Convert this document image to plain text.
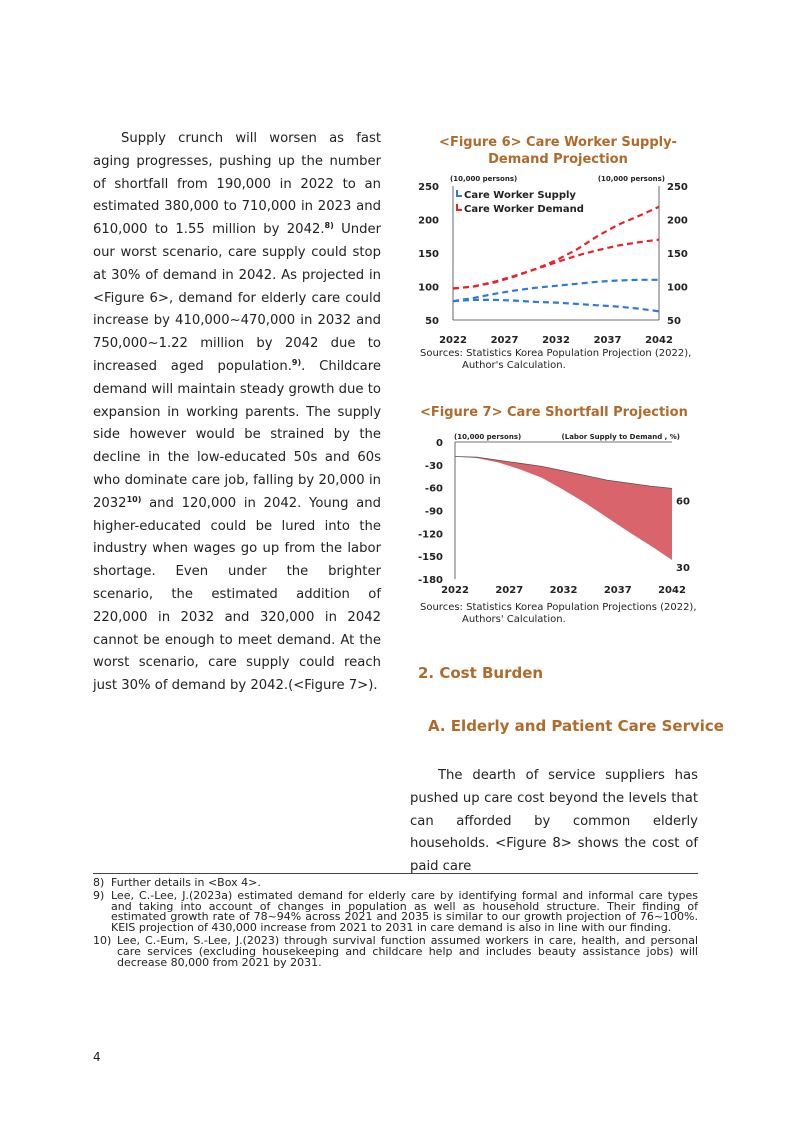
Supply crunch will worsen as fast aging progresses, pushing up the number of shortfall from 190,000 in 2022 to an estimated 380,000 to 710,000 in 2023 and 610,000 to 1.55 million by 2042.$^{8)}$ Under our worst scenario, care supply could stop at 30% of demand in 2042. As projected in <Figure 6>, demand for elderly care could increase by 410,000~470,000 in 2032 and 750,000~1.22 million by 2042 due to increased aged population.$^{9)}$. Childcare demand will maintain steady growth due to expansion in working parents. The supply side however would be strained by the decline in the low-educated 50s and 60s who dominate care job, falling by 20,000 in 2032$^{10)}$ and 120,000 in 2042. Young and higher-educated could be lured into the industry when wages go up from the labor shortage. Even under the brighter scenario, the estimated addition of 220,000 in 2032 and 320,000 in 2042 cannot be enough to meet demand. At the worst scenario, care supply could reach just 30% of demand by 2042.(<Figure 7>).

<Figure 6> Care Worker Supply-Demand Projection
50	50
100	100
150	150
200	200
250	250
2022 2027 2032 2037 2042
(10,000 persons)	(10,000 persons)
Care Worker Supply
Care Worker Demand
Sources: Statistics Korea Population Projection (2022),
Author's Calculation.
<Figure 7> Care Shortfall Projection
0
-30
-60
-90
-120
-150
-180
2022	2027	2032	2037	2042
(10,000 persons)	(Labor Supply to Demand , %)
60
30
Sources: Statistics Korea Population Projections (2022),
Authors' Calculation.
2. Cost Burden
A. Elderly and Patient Care Service

The dearth of service suppliers has pushed up care cost beyond the levels that can afforded by common elderly households. <Figure 8> shows the cost of paid care

8) Further details in <Box 4>.
9) Lee, C.-Lee, J.(2023a) estimated demand for elderly care by identifying formal and informal care types and taking into account of changes in population as well as household structure. Their finding of estimated growth rate of 78~94% across 2021 and 2035 is similar to our growth projection of 76~100%. KEIS projection of 430,000 increase from 2021 to 2031 in care demand is also in line with our finding.
10) Lee, C.-Eum, S.-Lee, J.(2023) through survival function assumed workers in care, health, and personal care services (excluding housekeeping and childcare help and includes beauty assistance jobs) will decrease 80,000 from 2021 by 2031.
4
